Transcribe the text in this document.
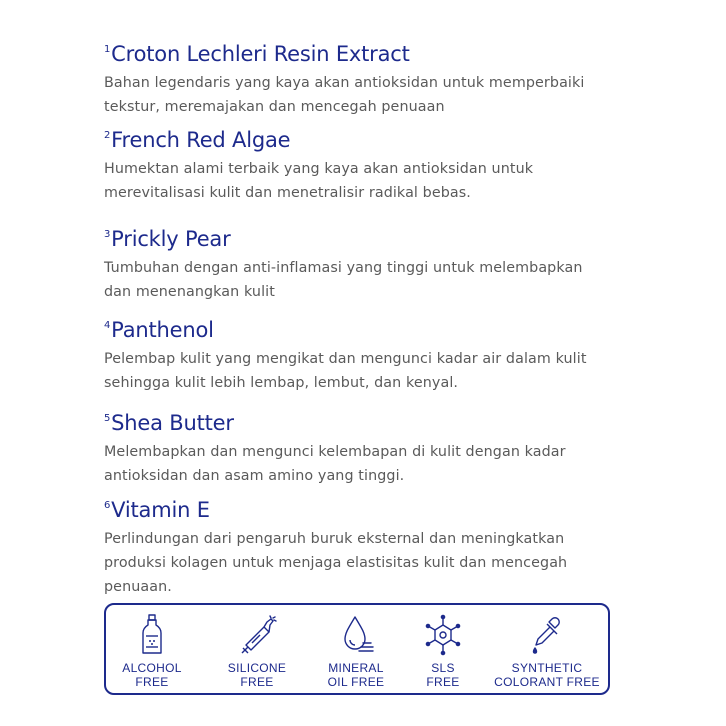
$^1$Croton Lechleri Resin Extract

Bahan legendaris yang kaya akan antioksidan untuk memperbaiki
tekstur, meremajakan dan mencegah penuaan

$^2$French Red Algae

Humektan alami terbaik yang kaya akan antioksidan untuk
merevitalisasi kulit dan menetralisir radikal bebas.

$^3$Prickly Pear

Tumbuhan dengan anti-inflamasi yang tinggi untuk melembapkan
dan menenangkan kulit

$^4$Panthenol

Pelembap kulit yang mengikat dan mengunci kadar air dalam kulit
sehingga kulit lebih lembap, lembut, dan kenyal.

$^5$Shea Butter

Melembapkan dan mengunci kelembapan di kulit dengan kadar
antioksidan dan asam amino yang tinggi.

$^6$Vitamin E

Perlindungan dari pengaruh buruk eksternal dan meningkatkan
produksi kolagen untuk menjaga elastisitas kulit dan mencegah
penuaan.

ALCOHOL
FREE
SILICONE
FREE
MINERAL
OIL FREE
SLS
FREE
SYNTHETIC
COLORANT FREE
